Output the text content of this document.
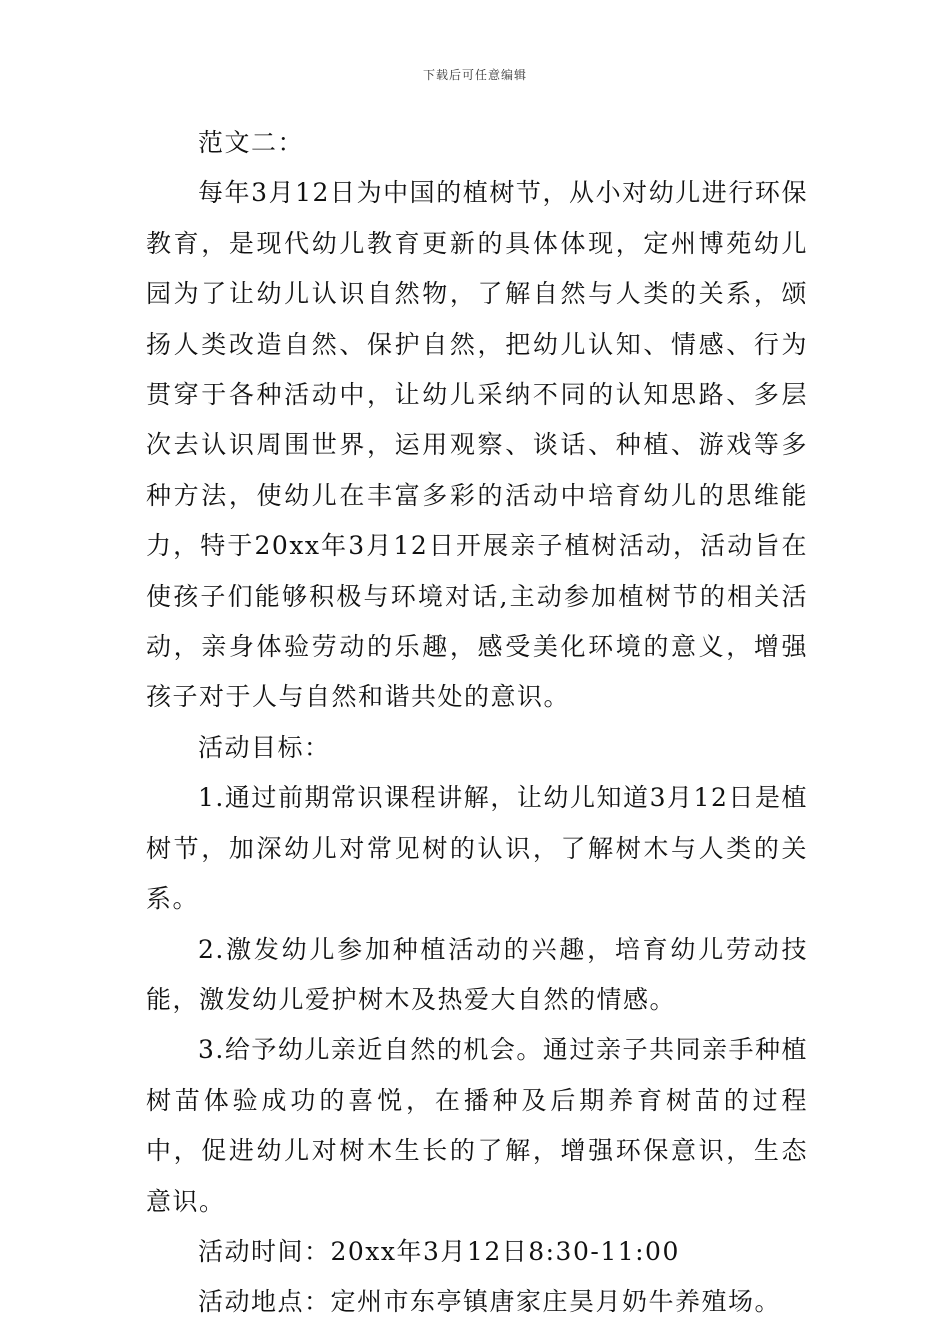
下载后可任意编辑

范文二：

每年3月12日为中国的植树节，从小对幼儿进行环保教育，是现代幼儿教育更新的具体体现，定州博苑幼儿园为了让幼儿认识自然物，了解自然与人类的关系，颂扬人类改造自然、保护自然，把幼儿认知、情感、行为贯穿于各种活动中，让幼儿采纳不同的认知思路、多层次去认识周围世界，运用观察、谈话、种植、游戏等多种方法，使幼儿在丰富多彩的活动中培育幼儿的思维能力，特于20xx年3月12日开展亲子植树活动，活动旨在使孩子们能够积极与环境对话,主动参加植树节的相关活动，亲身体验劳动的乐趣，感受美化环境的意义，增强孩子对于人与自然和谐共处的意识。

活动目标：

1.通过前期常识课程讲解，让幼儿知道3月12日是植树节，加深幼儿对常见树的认识，了解树木与人类的关系。

2.激发幼儿参加种植活动的兴趣，培育幼儿劳动技能，激发幼儿爱护树木及热爱大自然的情感。

3.给予幼儿亲近自然的机会。通过亲子共同亲手种植树苗体验成功的喜悦，在播种及后期养育树苗的过程中，促进幼儿对树木生长的了解，增强环保意识，生态意识。

活动时间：20xx年3月12日8:30-11:00

活动地点：定州市东亭镇唐家庄昊月奶牛养殖场。
